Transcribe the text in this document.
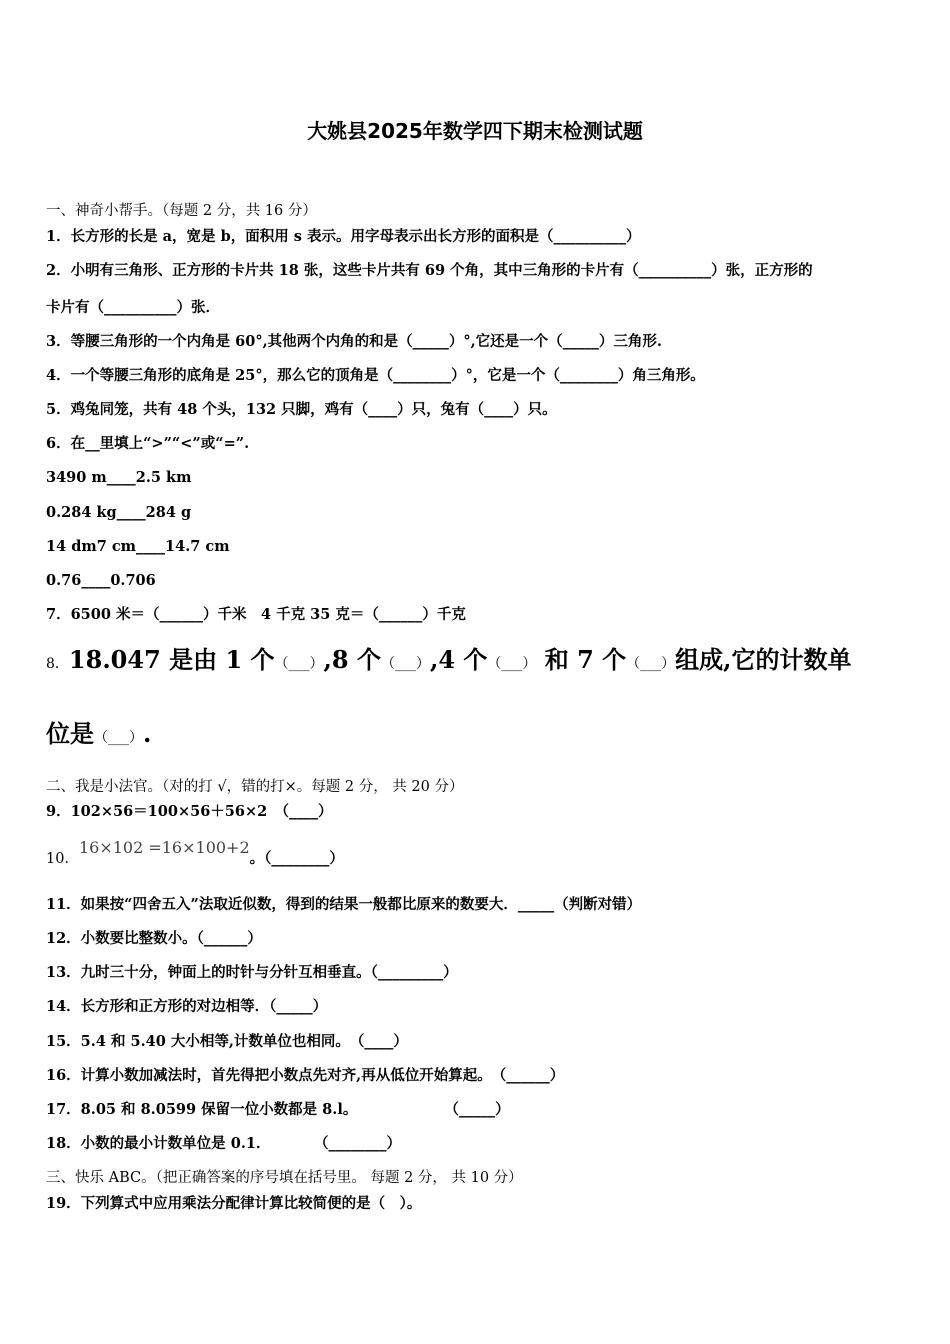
大姚县2025年数学四下期末检测试题
一、神奇小帮手。（每题 2 分，共 16 分）
1．长方形的长是 a，宽是 b，面积用 s 表示。用字母表示出长方形的面积是（__________）
2．小明有三角形、正方形的卡片共 18 张，这些卡片共有 69 个角，其中三角形的卡片有（__________）张，正方形的
卡片有（__________）张．
3．等腰三角形的一个内角是 60°,其他两个内角的和是（_____）°,它还是一个（_____）三角形.
4．一个等腰三角形的底角是 25°，那么它的顶角是（________）°，它是一个（________）角三角形。
5．鸡兔同笼，共有 48 个头，132 只脚，鸡有（____）只，兔有（____）只。
6．在__里填上“>”“<”或“=”.
3490 m____2.5 km
0.284 kg____284 g
14 dm7 cm____14.7 cm
0.76____0.706
7．6500 米＝（______）千米　4 千克 35 克＝（______）千克
8．18.047 是由 1 个（___）,8 个（___）,4 个（___） 和 7 个（___）组成,它的计数单
位是（___）.
二、我是小法官。（对的打 √，错的打×。每题 2 分， 共 20 分）
9．102×56＝100×56＋56×2　（____）
10．16×102 =16×100+2。（________）
11．如果按“四舍五入”法取近似数，得到的结果一般都比原来的数要大．_____（判断对错）
12．小数要比整数小。（______）
13．九时三十分，钟面上的时针与分针互相垂直。（_________）
14．长方形和正方形的对边相等．（_____）
15．5.4 和 5.40 大小相等,计数单位也相同。　（____）
16．计算小数加减法时，首先得把小数点先对齐,再从低位开始算起。　（______）
17．8.05 和 8.0599 保留一位小数都是 8.l。　　　　　　　（_____）
18．小数的最小计数单位是 0.1．　　　　（________）
三、快乐 ABC。（把正确答案的序号填在括号里。 每题 2 分， 共 10 分）
19．下列算式中应用乘法分配律计算比较简便的是（　）。
